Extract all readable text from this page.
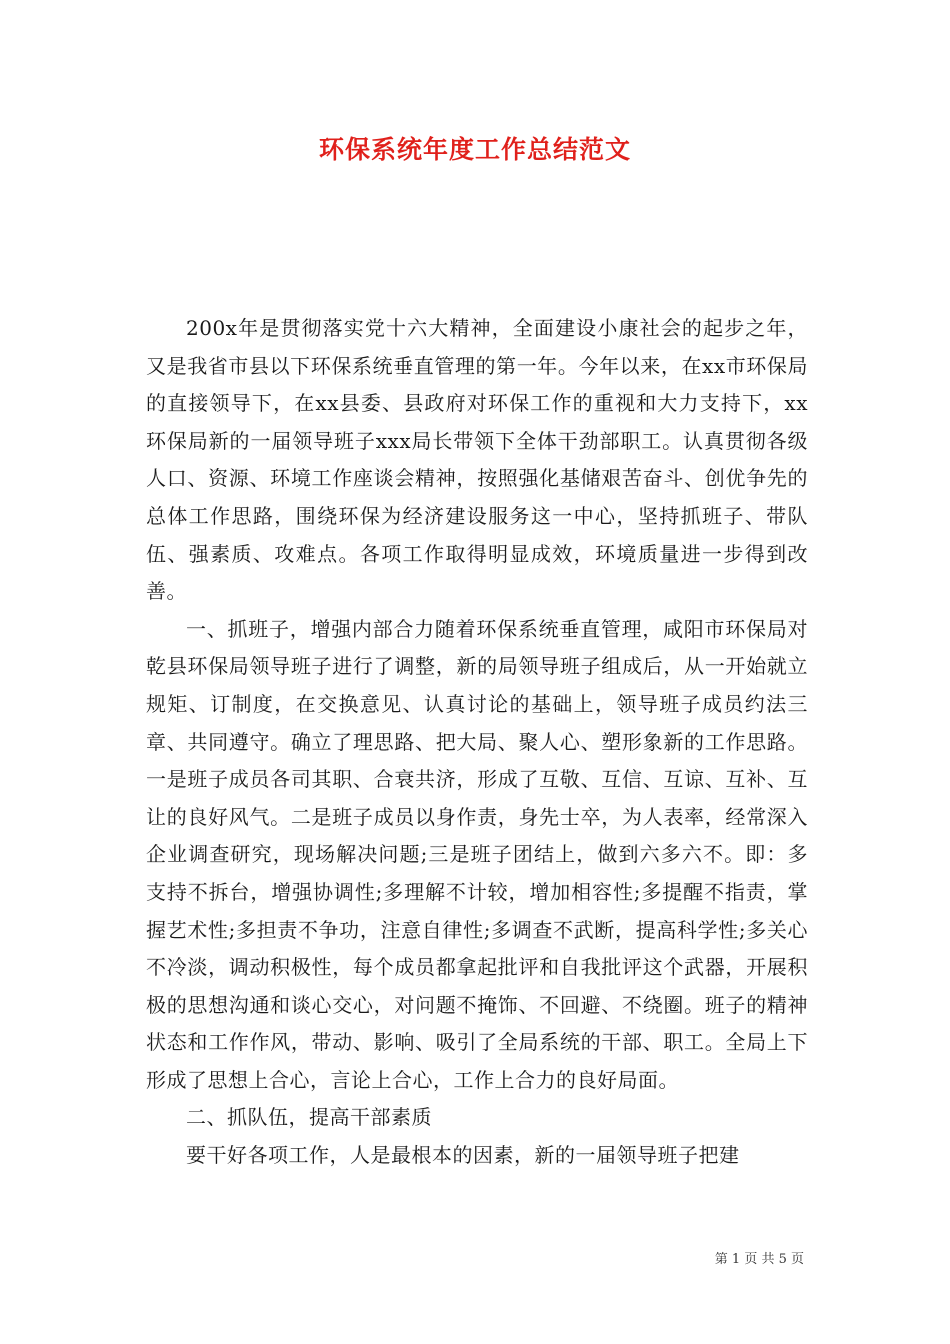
环保系统年度工作总结范文

200x年是贯彻落实党十六大精神，全面建设小康社会的起步之年，又是我省市县以下环保系统垂直管理的第一年。今年以来，在xx市环保局的直接领导下，在xx县委、县政府对环保工作的重视和大力支持下，xx环保局新的一届领导班子xxx局长带领下全体干劲部职工。认真贯彻各级人口、资源、环境工作座谈会精神，按照强化基储艰苦奋斗、创优争先的总体工作思路，围绕环保为经济建设服务这一中心，坚持抓班子、带队伍、强素质、攻难点。各项工作取得明显成效，环境质量进一步得到改善。

一、抓班子，增强内部合力随着环保系统垂直管理，咸阳市环保局对乾县环保局领导班子进行了调整，新的局领导班子组成后，从一开始就立规矩、订制度，在交换意见、认真讨论的基础上，领导班子成员约法三章、共同遵守。确立了理思路、把大局、聚人心、塑形象新的工作思路。一是班子成员各司其职、合衰共济，形成了互敬、互信、互谅、互补、互让的良好风气。二是班子成员以身作责，身先士卒，为人表率，经常深入企业调查研究，现场解决问题;三是班子团结上，做到六多六不。即：多支持不拆台，增强协调性;多理解不计较，增加相容性;多提醒不指责，掌握艺术性;多担责不争功，注意自律性;多调查不武断，提高科学性;多关心不冷淡，调动积极性，每个成员都拿起批评和自我批评这个武器，开展积极的思想沟通和谈心交心，对问题不掩饰、不回避、不绕圈。班子的精神状态和工作作风，带动、影响、吸引了全局系统的干部、职工。全局上下形成了思想上合心，言论上合心，工作上合力的良好局面。

二、抓队伍，提高干部素质

要干好各项工作，人是最根本的因素，新的一届领导班子把建

第 1 页 共 5 页
